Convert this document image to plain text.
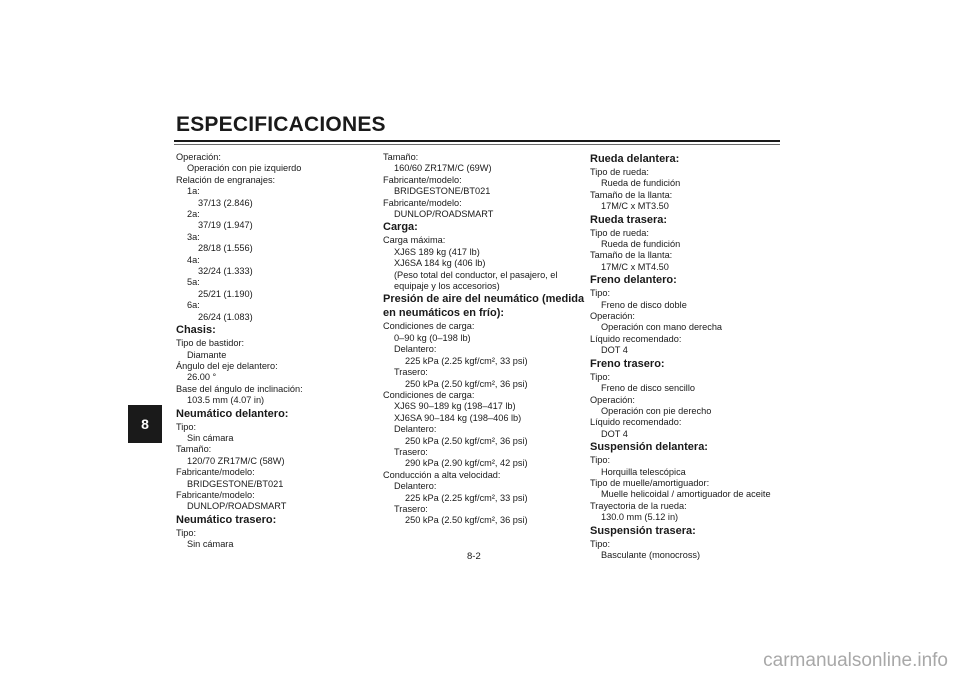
ESPECIFICACIONES
8
Operación:
Operación con pie izquierdo
Relación de engranajes:
1a:
37/13 (2.846)
2a:
37/19 (1.947)
3a:
28/18 (1.556)
4a:
32/24 (1.333)
5a:
25/21 (1.190)
6a:
26/24 (1.083)
Chasis:
Tipo de bastidor:
Diamante
Ángulo del eje delantero:
26.00 °
Base del ángulo de inclinación:
103.5 mm (4.07 in)
Neumático delantero:
Tipo:
Sin cámara
Tamaño:
120/70 ZR17M/C (58W)
Fabricante/modelo:
BRIDGESTONE/BT021
Fabricante/modelo:
DUNLOP/ROADSMART
Neumático trasero:
Tipo:
Sin cámara
Tamaño:
160/60 ZR17M/C (69W)
Fabricante/modelo:
BRIDGESTONE/BT021
Fabricante/modelo:
DUNLOP/ROADSMART
Carga:
Carga máxima:
XJ6S 189 kg (417 lb)
XJ6SA 184 kg (406 lb)
(Peso total del conductor, el pasajero, el
equipaje y los accesorios)
Presión de aire del neumático (medida
en neumáticos en frío):
Condiciones de carga:
0–90 kg (0–198 lb)
Delantero:
225 kPa (2.25 kgf/cm², 33 psi)
Trasero:
250 kPa (2.50 kgf/cm², 36 psi)
Condiciones de carga:
XJ6S 90–189 kg (198–417 lb)
XJ6SA 90–184 kg (198–406 lb)
Delantero:
250 kPa (2.50 kgf/cm², 36 psi)
Trasero:
290 kPa (2.90 kgf/cm², 42 psi)
Conducción a alta velocidad:
Delantero:
225 kPa (2.25 kgf/cm², 33 psi)
Trasero:
250 kPa (2.50 kgf/cm², 36 psi)
Rueda delantera:
Tipo de rueda:
Rueda de fundición
Tamaño de la llanta:
17M/C x MT3.50
Rueda trasera:
Tipo de rueda:
Rueda de fundición
Tamaño de la llanta:
17M/C x MT4.50
Freno delantero:
Tipo:
Freno de disco doble
Operación:
Operación con mano derecha
Líquido recomendado:
DOT 4
Freno trasero:
Tipo:
Freno de disco sencillo
Operación:
Operación con pie derecho
Líquido recomendado:
DOT 4
Suspensión delantera:
Tipo:
Horquilla telescópica
Tipo de muelle/amortiguador:
Muelle helicoidal / amortiguador de aceite
Trayectoria de la rueda:
130.0 mm (5.12 in)
Suspensión trasera:
Tipo:
Basculante (monocross)
8-2
carmanualsonline.info
